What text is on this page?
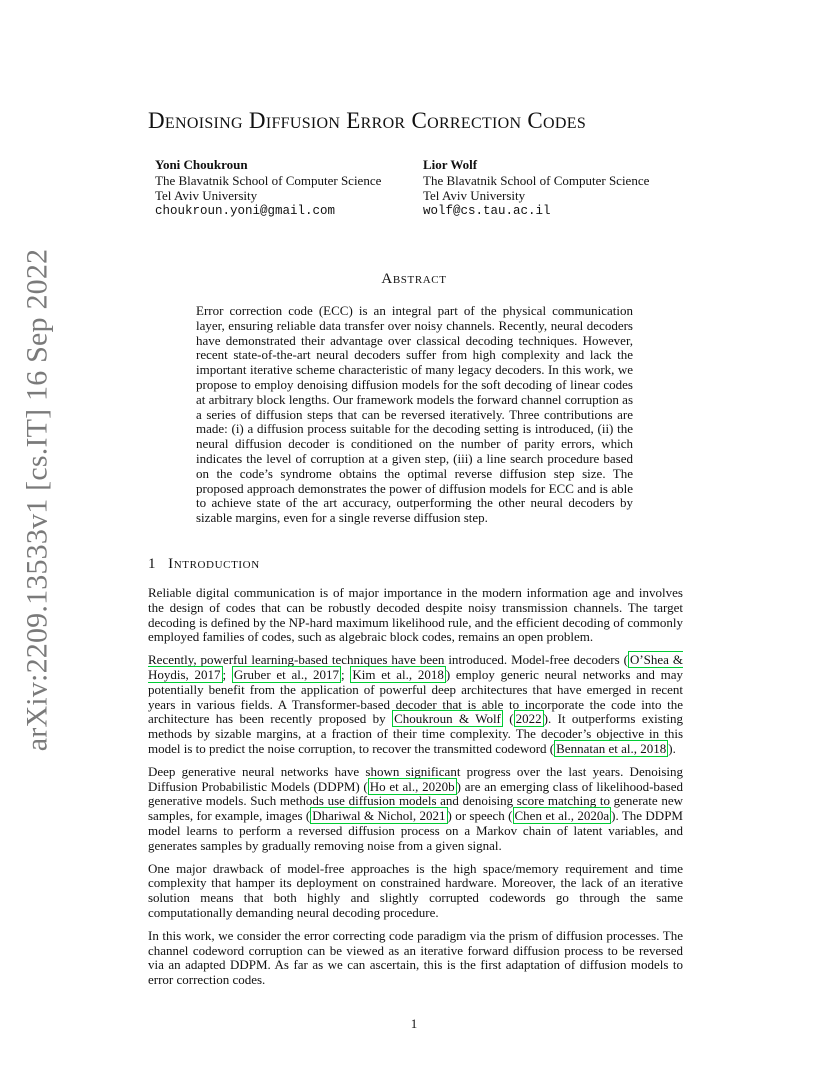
arXiv:2209.13533v1 [cs.IT] 16 Sep 2022
Denoising Diffusion Error Correction Codes
Yoni Choukroun
The Blavatnik School of Computer Science
Tel Aviv University
choukroun.yoni@gmail.com
Lior Wolf
The Blavatnik School of Computer Science
Tel Aviv University
wolf@cs.tau.ac.il
Abstract
Error correction code (ECC) is an integral part of the physical communication layer, ensuring reliable data transfer over noisy channels. Recently, neural decoders have demonstrated their advantage over classical decoding techniques. However, recent state-of-the-art neural decoders suffer from high complexity and lack the important iterative scheme characteristic of many legacy decoders. In this work, we propose to employ denoising diffusion models for the soft decoding of linear codes at arbitrary block lengths. Our framework models the forward channel corruption as a series of diffusion steps that can be reversed iteratively. Three contributions are made: (i) a diffusion process suitable for the decoding setting is introduced, (ii) the neural diffusion decoder is conditioned on the number of parity errors, which indicates the level of corruption at a given step, (iii) a line search procedure based on the code’s syndrome obtains the optimal reverse diffusion step size. The proposed approach demonstrates the power of diffusion models for ECC and is able to achieve state of the art accuracy, outperforming the other neural decoders by sizable margins, even for a single reverse diffusion step.
1 Introduction

Reliable digital communication is of major importance in the modern information age and involves the design of codes that can be robustly decoded despite noisy transmission channels. The target decoding is defined by the NP-hard maximum likelihood rule, and the efficient decoding of commonly employed families of codes, such as algebraic block codes, remains an open problem.

Recently, powerful learning-based techniques have been introduced. Model-free decoders ( O’Shea & Hoydis, 2017 ; Gruber et al., 2017 ; Kim et al., 2018 ) employ generic neural networks and may potentially benefit from the application of powerful deep architectures that have emerged in recent years in various fields. A Transformer-based decoder that is able to incorporate the code into the architecture has been recently proposed by Choukroun & Wolf ( 2022 ). It outperforms existing methods by sizable margins, at a fraction of their time complexity. The decoder’s objective in this model is to predict the noise corruption, to recover the transmitted codeword ( Bennatan et al., 2018 ).

Deep generative neural networks have shown significant progress over the last years. Denoising Diffusion Probabilistic Models (DDPM) ( Ho et al., 2020b ) are an emerging class of likelihood-based generative models. Such methods use diffusion models and denoising score matching to generate new samples, for example, images ( Dhariwal & Nichol, 2021 ) or speech ( Chen et al., 2020a ). The DDPM model learns to perform a reversed diffusion process on a Markov chain of latent variables, and generates samples by gradually removing noise from a given signal.

One major drawback of model-free approaches is the high space/memory requirement and time complexity that hamper its deployment on constrained hardware. Moreover, the lack of an iterative solution means that both highly and slightly corrupted codewords go through the same computationally demanding neural decoding procedure.

In this work, we consider the error correcting code paradigm via the prism of diffusion processes. The channel codeword corruption can be viewed as an iterative forward diffusion process to be reversed via an adapted DDPM. As far as we can ascertain, this is the first adaptation of diffusion models to error correction codes.

1
